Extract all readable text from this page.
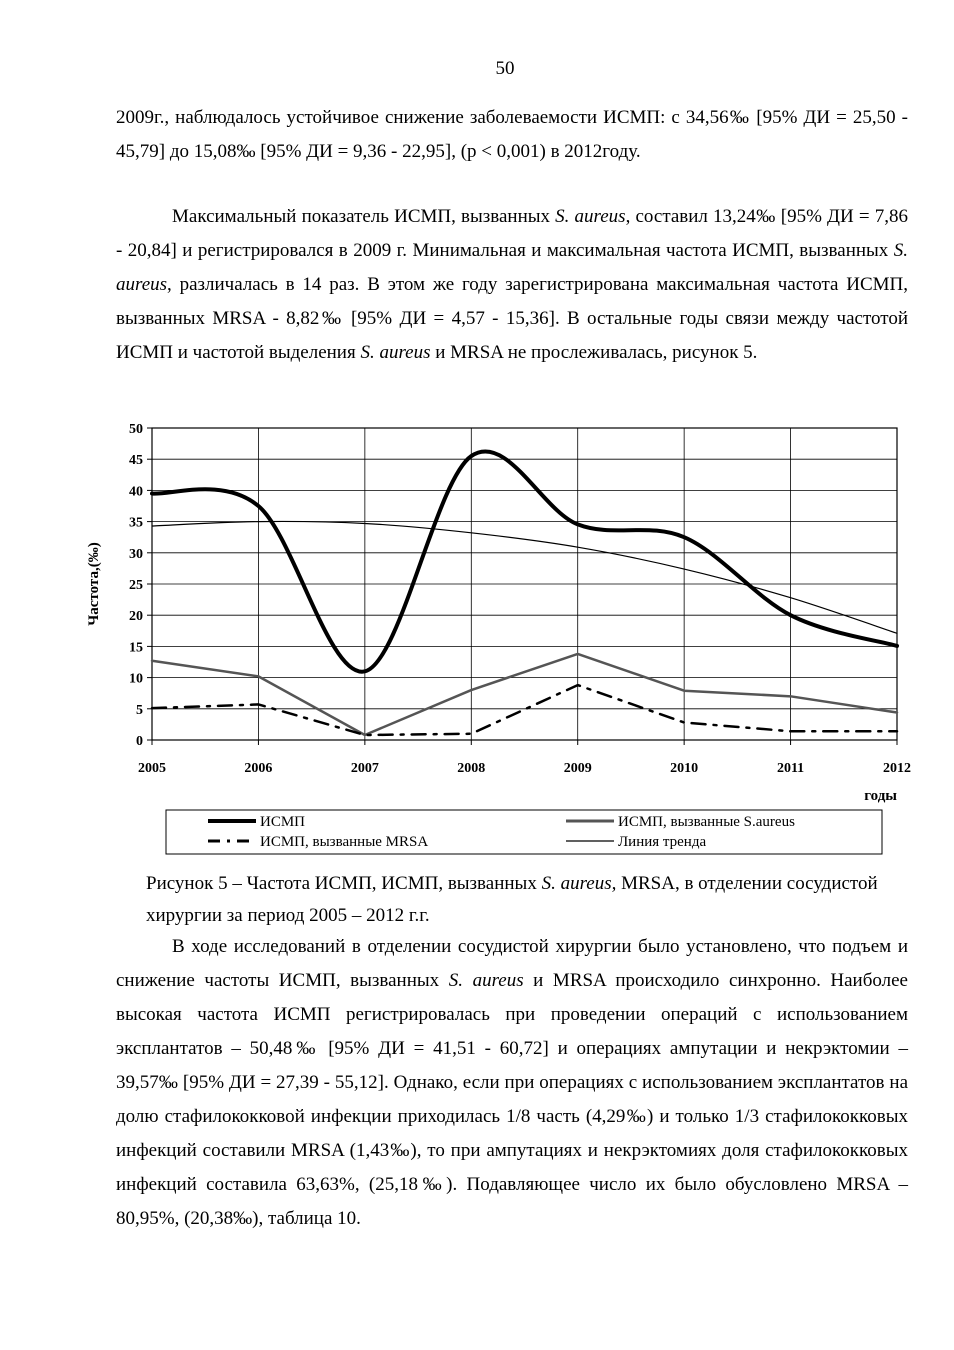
50

2009г., наблюдалось устойчивое снижение заболеваемости ИСМП: с 34,56‰ [95% ДИ = 25,50 - 45,79] до 15,08‰ [95% ДИ = 9,36 - 22,95], (р < 0,001) в 2012году.

Максимальный показатель ИСМП, вызванных S. aureus, составил 13,24‰ [95% ДИ = 7,86 - 20,84] и регистрировался в 2009 г. Минимальная и максимальная частота ИСМП, вызванных S. aureus, различалась в 14 раз. В этом же году зарегистрирована максимальная частота ИСМП, вызванных MRSA - 8,82‰ [95% ДИ = 4,57 - 15,36]. В остальные годы связи между частотой ИСМП и частотой выделения S. aureus и MRSA не прослеживалась, рисунок 5.

0
5
10
15
20
25
30
35
40
45
50
2005	2006	2007	2008	2009	2010	2011	2012
Частота,(‰)
годы
ИСМП	ИСМП, вызванные S.aureus
ИСМП, вызванные MRSA	Линия тренда
Рисунок 5 – Частота ИСМП, ИСМП, вызванных S. aureus, MRSA, в отделении сосудистой хирургии за период 2005 – 2012 г.г.

В ходе исследований в отделении сосудистой хирургии было установлено, что подъем и снижение частоты ИСМП, вызванных S. aureus и MRSA происходило синхронно. Наиболее высокая частота ИСМП регистрировалась при проведении операций с использованием эксплантатов – 50,48‰ [95% ДИ = 41,51 - 60,72] и операциях ампутации и некрэктомии – 39,57‰ [95% ДИ = 27,39 - 55,12]. Однако, если при операциях с использованием эксплантатов на долю стафилококковой инфекции приходилась 1/8 часть (4,29‰) и только 1/3 стафилококковых инфекций составили MRSA (1,43‰), то при ампутациях и некрэктомиях доля стафилококковых инфекций составила 63,63%, (25,18‰). Подавляющее число их было обусловлено MRSA – 80,95%, (20,38‰), таблица 10.
